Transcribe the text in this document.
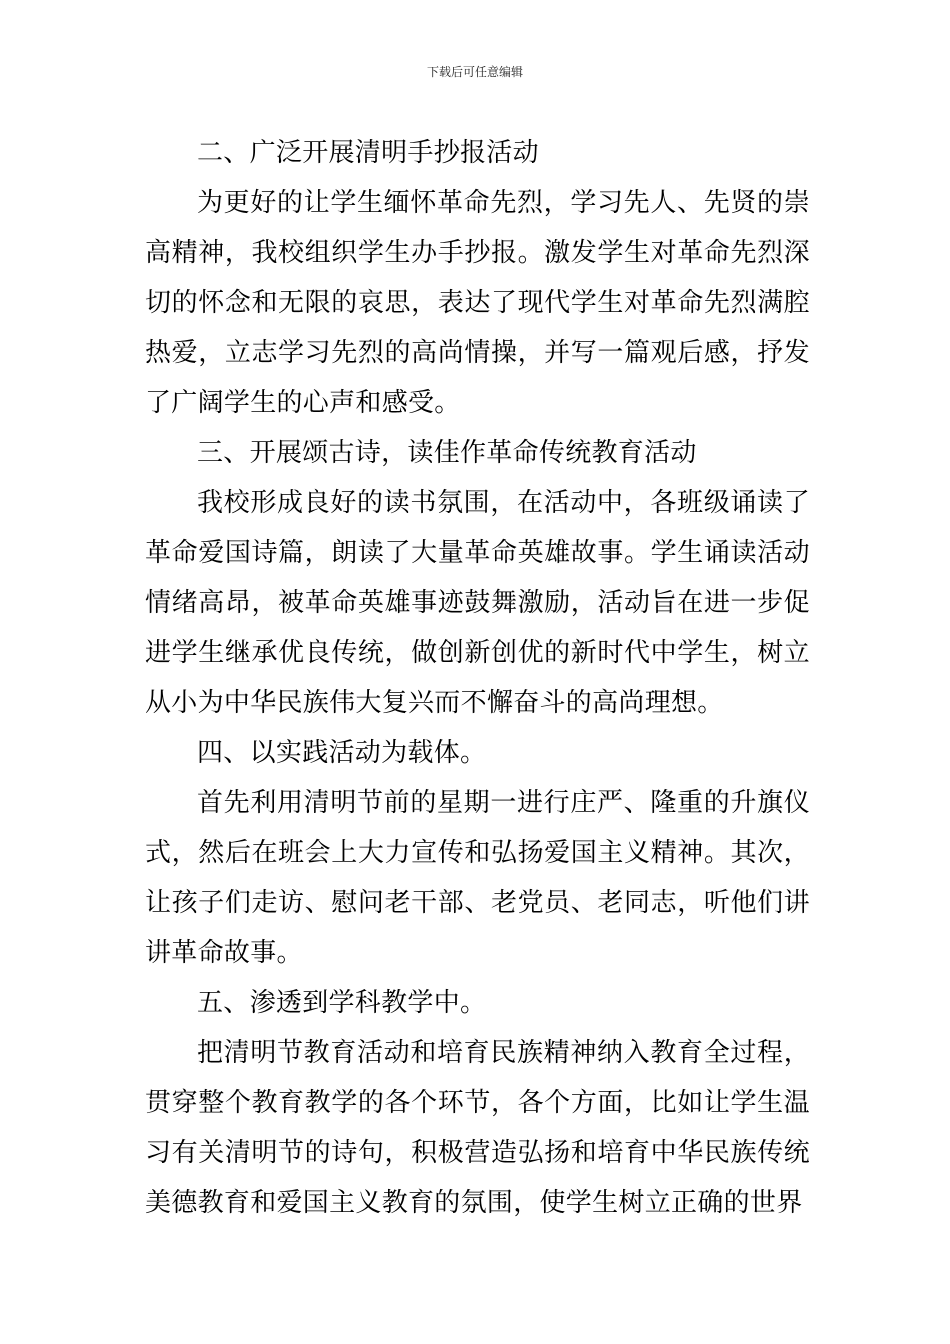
下载后可任意编辑

二、广泛开展清明手抄报活动

为更好的让学生缅怀革命先烈，学习先人、先贤的崇高精神，我校组织学生办手抄报。激发学生对革命先烈深切的怀念和无限的哀思，表达了现代学生对革命先烈满腔热爱，立志学习先烈的高尚情操，并写一篇观后感，抒发了广阔学生的心声和感受。

三、开展颂古诗，读佳作革命传统教育活动

我校形成良好的读书氛围，在活动中，各班级诵读了革命爱国诗篇，朗读了大量革命英雄故事。学生诵读活动情绪高昂，被革命英雄事迹鼓舞激励，活动旨在进一步促进学生继承优良传统，做创新创优的新时代中学生，树立从小为中华民族伟大复兴而不懈奋斗的高尚理想。

四、以实践活动为载体。

首先利用清明节前的星期一进行庄严、隆重的升旗仪式，然后在班会上大力宣传和弘扬爱国主义精神。其次，让孩子们走访、慰问老干部、老党员、老同志，听他们讲讲革命故事。

五、渗透到学科教学中。

把清明节教育活动和培育民族精神纳入教育全过程，贯穿整个教育教学的各个环节，各个方面，比如让学生温习有关清明节的诗句，积极营造弘扬和培育中华民族传统美德教育和爱国主义教育的氛围，使学生树立正确的世界
